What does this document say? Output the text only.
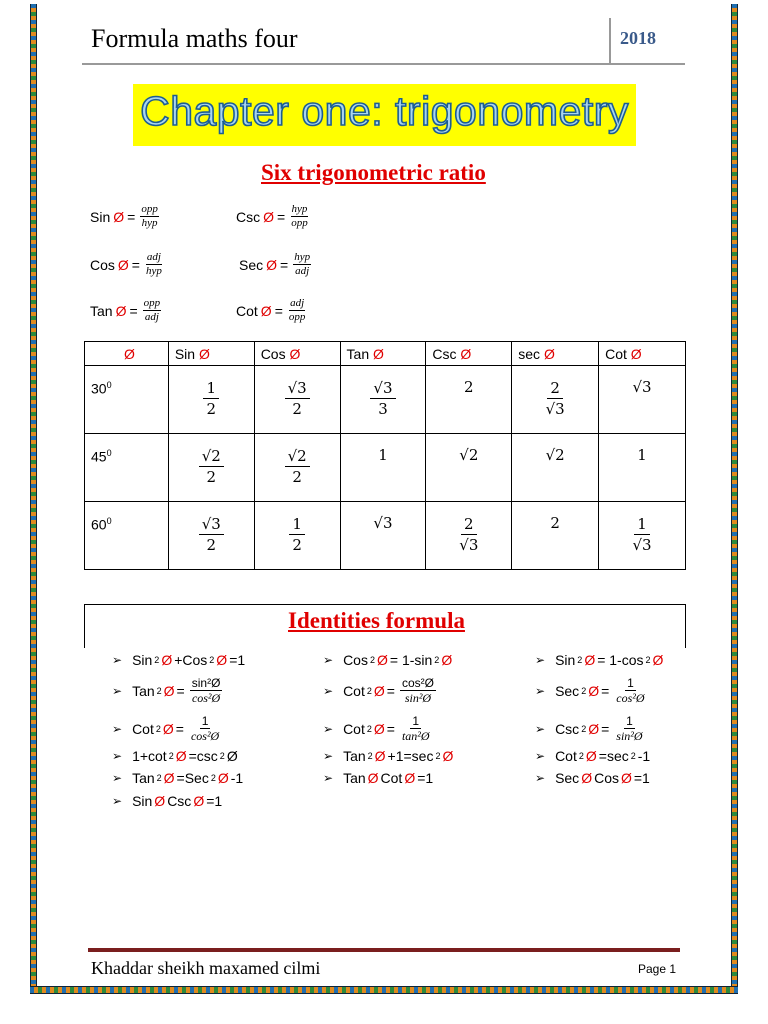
Formula maths four	2018
Chapter one: trigonometry
Six trigonometric ratio
Sin Ø = $\frac{\text{opp}}{\text{hyp}}$	Csc Ø = $\frac{\text{hyp}}{\text{opp}}$
Cos Ø = $\frac{\text{adj}}{\text{hyp}}$	Sec Ø = $\frac{\text{hyp}}{\text{adj}}$
Tan Ø = $\frac{\text{opp}}{\text{adj}}$	Cot Ø = $\frac{\text{adj}}{\text{opp}}$
Ø	Sin Ø	Cos Ø	Tan Ø	Csc Ø	sec Ø	Cot Ø
$30^0$	$\frac{1}{2}$	$\frac{√3}{2}$	$\frac{√3}{3}$	2	$\frac{2}{√3}$	√3
$45^0$	$\frac{√2}{2}$	$\frac{√2}{2}$	1	√2	√2	1
$60^0$	$\frac{√3}{2}$	$\frac{1}{2}$	√3	$\frac{2}{√3}$	2	$\frac{1}{√3}$
Identities formula
➢ Sin 2 Ø +Cos 2 Ø =1
➢ Tan 2 Ø = $\frac{\text{sin²Ø}}{\text{cos²Ø}}$
➢ Cot 2 Ø = $\frac{1}{\text{cos²Ø}}$
➢ 1+cot 2 Ø =csc 2 Ø
➢ Tan 2 Ø =Sec 2 Ø -1
➢ Sin Ø Csc Ø =1
➢ Cos 2 Ø = 1-sin 2 Ø
➢ Cot 2 Ø = $\frac{\text{cos²Ø}}{\text{sin²Ø}}$
➢ Cot 2 Ø = $\frac{1}{\text{tan²Ø}}$
➢ Tan 2 Ø +1=sec 2 Ø
➢ Tan Ø Cot Ø =1
➢ Sin 2 Ø = 1-cos 2 Ø
➢ Sec 2 Ø = $\frac{1}{\text{cos²Ø}}$
➢ Csc 2 Ø = $\frac{1}{\text{sin²Ø}}$
➢ Cot 2 Ø =sec 2 -1
➢ Sec Ø Cos Ø =1
Khaddar sheikh maxamed cilmi	Page 1
